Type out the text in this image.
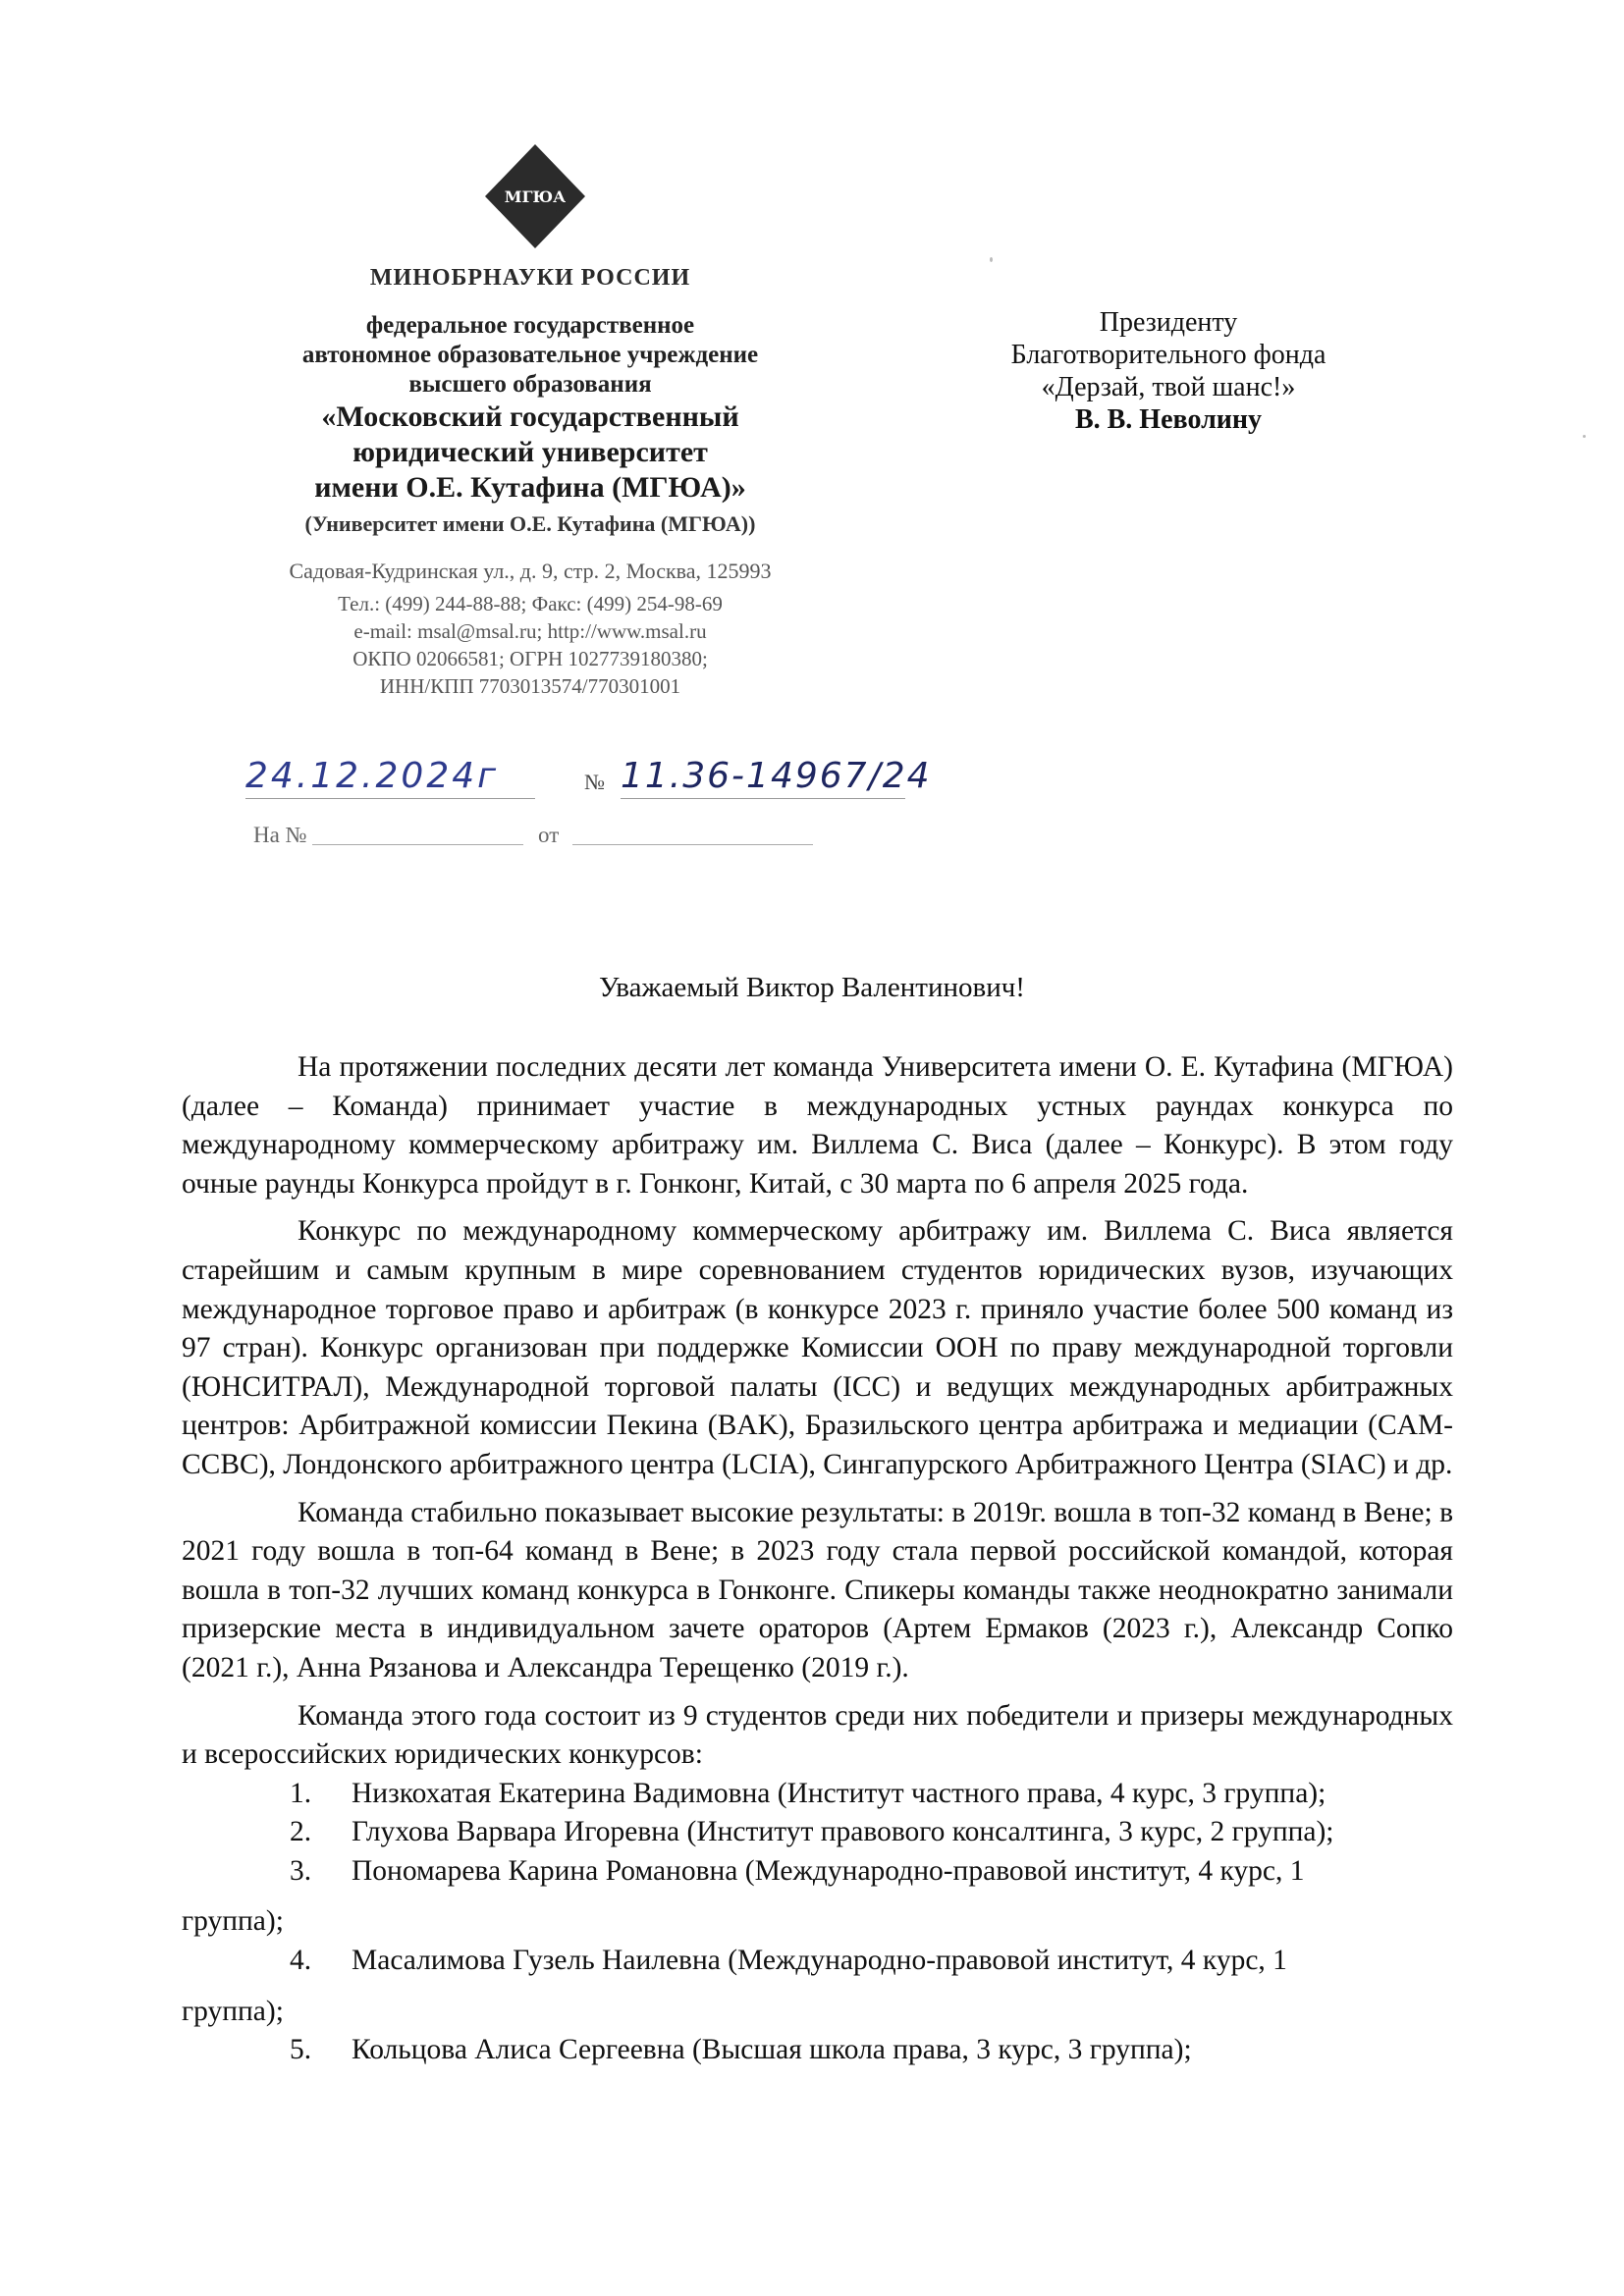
МГЮА
МИНОБРНАУКИ РОССИИ
федеральное государственное
автономное образовательное учреждение
высшего образования
«Московский государственный
юридический университет
имени О.Е. Кутафина (МГЮА)»
(Университет имени О.Е. Кутафина (МГЮА))
Садовая-Кудринская ул., д. 9, стр. 2, Москва, 125993
Тел.: (499) 244-88-88; Факс: (499) 254-98-69
e-mail: msal@msal.ru; http://www.msal.ru
ОКПО 02066581; ОГРН 1027739180380;
ИНН/КПП 7703013574/770301001
24.12.2024г	№ 11.36-14967/24
На №	от
Президенту
Благотворительного фонда
«Дерзай, твой шанс!»
В. В. Неволину
Уважаемый Виктор Валентинович!

На протяжении последних десяти лет команда Университета имени О. Е. Кутафина (МГЮА) (далее – Команда) принимает участие в международных устных раундах конкурса по международному коммерческому арбитражу им. Виллема С. Виса (далее – Конкурс). В этом году очные раунды Конкурса пройдут в г. Гонконг, Китай, с 30 марта по 6 апреля 2025 года.

Конкурс по международному коммерческому арбитражу им. Виллема С. Виса является старейшим и самым крупным в мире соревнованием студентов юридических вузов, изучающих международное торговое право и арбитраж (в конкурсе 2023 г. приняло участие более 500 команд из 97 стран). Конкурс организован при поддержке Комиссии ООН по праву международной торговли (ЮНСИТРАЛ), Международной торговой палаты (ICC) и ведущих международных арбитражных центров: Арбитражной комиссии Пекина (BAK), Бразильского центра арбитража и медиации (CAM-CCBC), Лондонского арбитражного центра (LCIA), Сингапурского Арбитражного Центра (SIAC) и др.

Команда стабильно показывает высокие результаты: в 2019г. вошла в топ-32 команд в Вене; в 2021 году вошла в топ-64 команд в Вене; в 2023 году стала первой российской командой, которая вошла в топ-32 лучших команд конкурса в Гонконге. Спикеры команды также неоднократно занимали призерские места в индивидуальном зачете ораторов (Артем Ермаков (2023 г.), Александр Сопко (2021 г.), Анна Рязанова и Александра Терещенко (2019 г.).

Команда этого года состоит из 9 студентов среди них победители и призеры международных и всероссийских юридических конкурсов:

1. Низкохатая Екатерина Вадимовна (Институт частного права, 4 курс, 3 группа);
2. Глухова Варвара Игоревна (Институт правового консалтинга, 3 курс, 2 группа);
3. Пономарева Карина Романовна (Международно-правовой институт, 4 курс, 1
группа);
4. Масалимова Гузель Наилевна (Международно-правовой институт, 4 курс, 1
группа);
5. Кольцова Алиса Сергеевна (Высшая школа права, 3 курс, 3 группа);
